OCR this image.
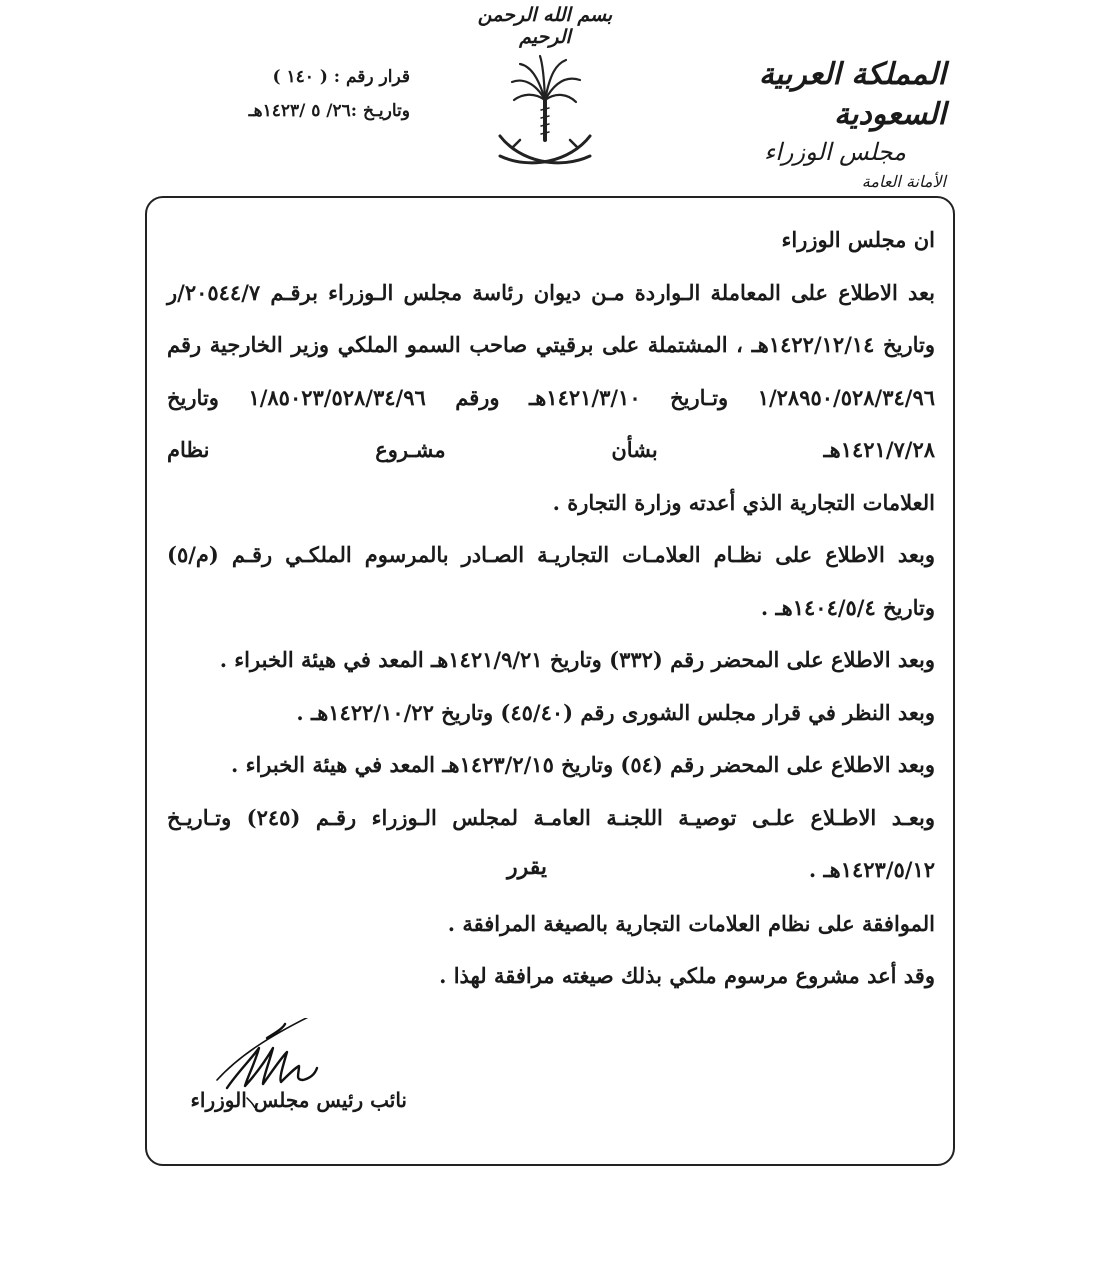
بسم الله الرحمن الرحيم
قرار رقم : ( ١٤٠ )
وتاريـخ :٢٦/ ٥ /١٤٢٣هـ

المملكة العربية السعودية

مجلس الوزراء

الأمانة العامة

ان مجلس الوزراء

بعد الاطلاع على المعاملة الـواردة مـن ديوان رئاسة مجلس الـوزراء برقـم ٢٠٥٤٤/٧/ر وتاريخ ١٤٢٢/١٢/١٤هـ ، المشتملة على برقيتي صاحب السمو الملكي وزير الخارجية رقم ١/٢٨٩٥٠/٥٢٨/٣٤/٩٦ وتـاريخ ١٤٢١/٣/١٠هـ ورقم ١/٨٥٠٢٣/٥٢٨/٣٤/٩٦ وتاريخ ١٤٢١/٧/٢٨هـ بشأن مشـروع نظام

العلامات التجارية الذي أعدته وزارة التجارة .

وبعد الاطلاع على نظـام العلامـات التجاريـة الصـادر بالمرسوم الملكـي رقـم (م/٥)

وتاريخ ١٤٠٤/٥/٤هـ .

وبعد الاطلاع على المحضر رقم (٣٣٢) وتاريخ ١٤٢١/٩/٢١هـ المعد في هيئة الخبراء .

وبعد النظر في قرار مجلس الشورى رقم (٤٥/٤٠) وتاريخ ١٤٢٢/١٠/٢٢هـ .

وبعد الاطلاع على المحضر رقم (٥٤) وتاريخ ١٤٢٣/٢/١٥هـ المعد في هيئة الخبراء .

وبعـد الاطـلاع علـى توصيـة اللجنـة العامـة لمجلس الـوزراء رقـم (٢٤٥) وتـاريـخ

١٤٢٣/٥/١٢هـ .

يقرر

الموافقة على نظام العلامات التجارية بالصيغة المرافقة .

وقد أعد مشروع مرسوم ملكي بذلك صيغته مرافقة لهذا .

نائب رئيس مجلس الوزراء
